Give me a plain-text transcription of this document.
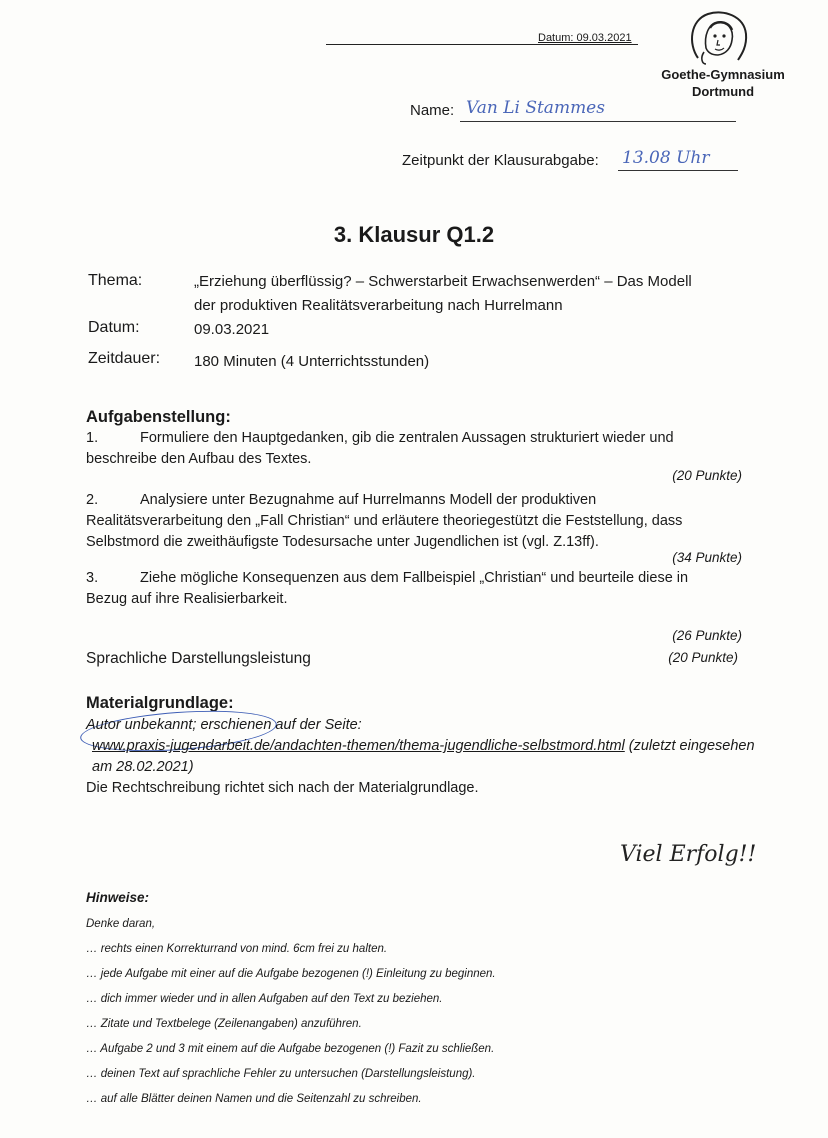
Datum: 09.03.2021
Goethe-Gymnasium
Dortmund
Name: Van Li Stammes
Zeitpunkt der Klausurabgabe: 13.08 Uhr
3. Klausur Q1.2
Thema:	„Erziehung überflüssig? – Schwerstarbeit Erwachsenwerden“ – Das Modell
der produktiven Realitätsverarbeitung nach Hurrelmann
Datum:	09.03.2021
Zeitdauer: 180 Minuten (4 Unterrichtsstunden)
Aufgabenstellung:
1.	Formuliere den Hauptgedanken, gib die zentralen Aussagen strukturiert wieder und
beschreibe den Aufbau des Textes.
(20 Punkte)
2.	Analysiere unter Bezugnahme auf Hurrelmanns Modell der produktiven
Realitätsverarbeitung den „Fall Christian“ und erläutere theoriegestützt die Feststellung, dass Selbstmord die zweithäufigste Todesursache unter Jugendlichen ist (vgl. Z.13ff).
(34 Punkte)
3.	Ziehe mögliche Konsequenzen aus dem Fallbeispiel „Christian“ und beurteile diese in
Bezug auf ihre Realisierbarkeit.
(26 Punkte)
Sprachliche Darstellungsleistung	(20 Punkte)
Materialgrundlage:
Autor unbekannt; erschienen auf der Seite:
www.praxis-jugendarbeit.de/andachten-themen/thema-jugendliche-selbstmord.html (zuletzt eingesehen am 28.02.2021)
Die Rechtschreibung richtet sich nach der Materialgrundlage.
Viel Erfolg!!
Hinweise:
Denke daran,
… rechts einen Korrekturrand von mind. 6cm frei zu halten.
… jede Aufgabe mit einer auf die Aufgabe bezogenen (!) Einleitung zu beginnen.
… dich immer wieder und in allen Aufgaben auf den Text zu beziehen.
… Zitate und Textbelege (Zeilenangaben) anzuführen.
… Aufgabe 2 und 3 mit einem auf die Aufgabe bezogenen (!) Fazit zu schließen.
… deinen Text auf sprachliche Fehler zu untersuchen (Darstellungsleistung).
… auf alle Blätter deinen Namen und die Seitenzahl zu schreiben.
